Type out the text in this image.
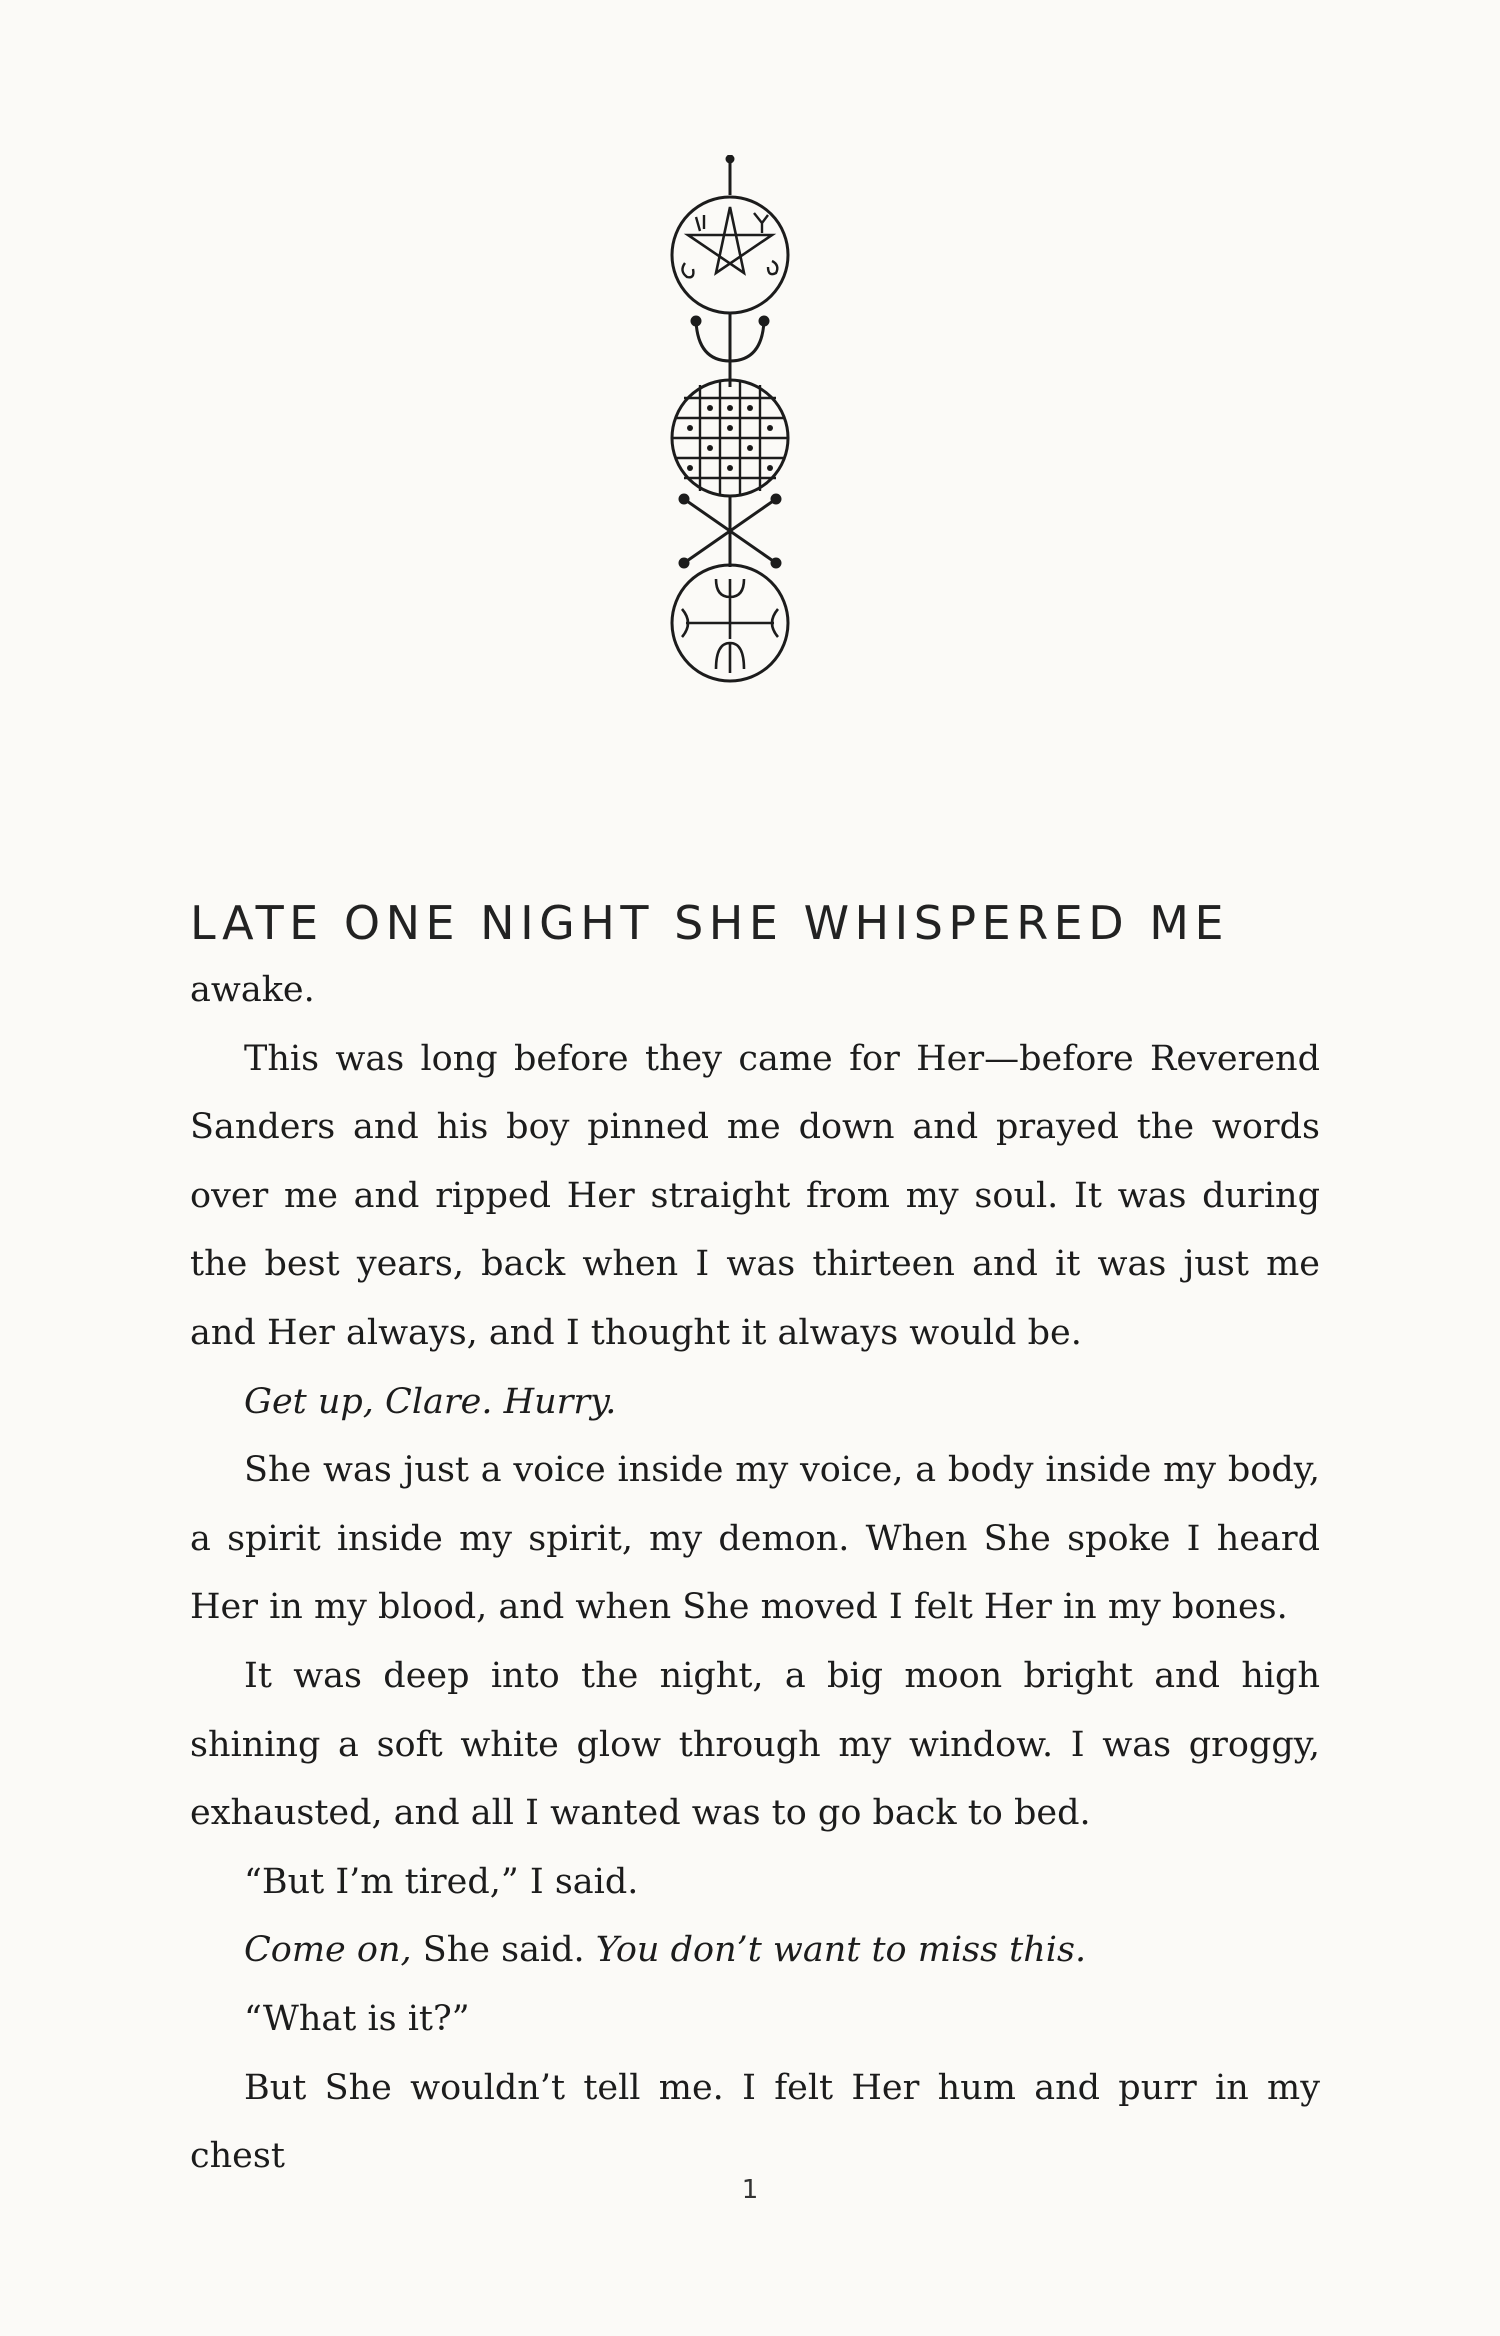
LATE ONE NIGHT SHE WHISPERED ME

awake.

This was long before they came for Her—before Reverend Sanders and his boy pinned me down and prayed the words over me and ripped Her straight from my soul. It was during the best years, back when I was thirteen and it was just me and Her always, and I thought it always would be.

Get up, Clare. Hurry.

She was just a voice inside my voice, a body inside my body, a spirit inside my spirit, my demon. When She spoke I heard Her in my blood, and when She moved I felt Her in my bones.

It was deep into the night, a big moon bright and high shining a soft white glow through my window. I was groggy, exhausted, and all I wanted was to go back to bed.

“But I’m tired,” I said.

Come on, She said. You don’t want to miss this.

“What is it?”

But She wouldn’t tell me. I felt Her hum and purr in my chest

1
